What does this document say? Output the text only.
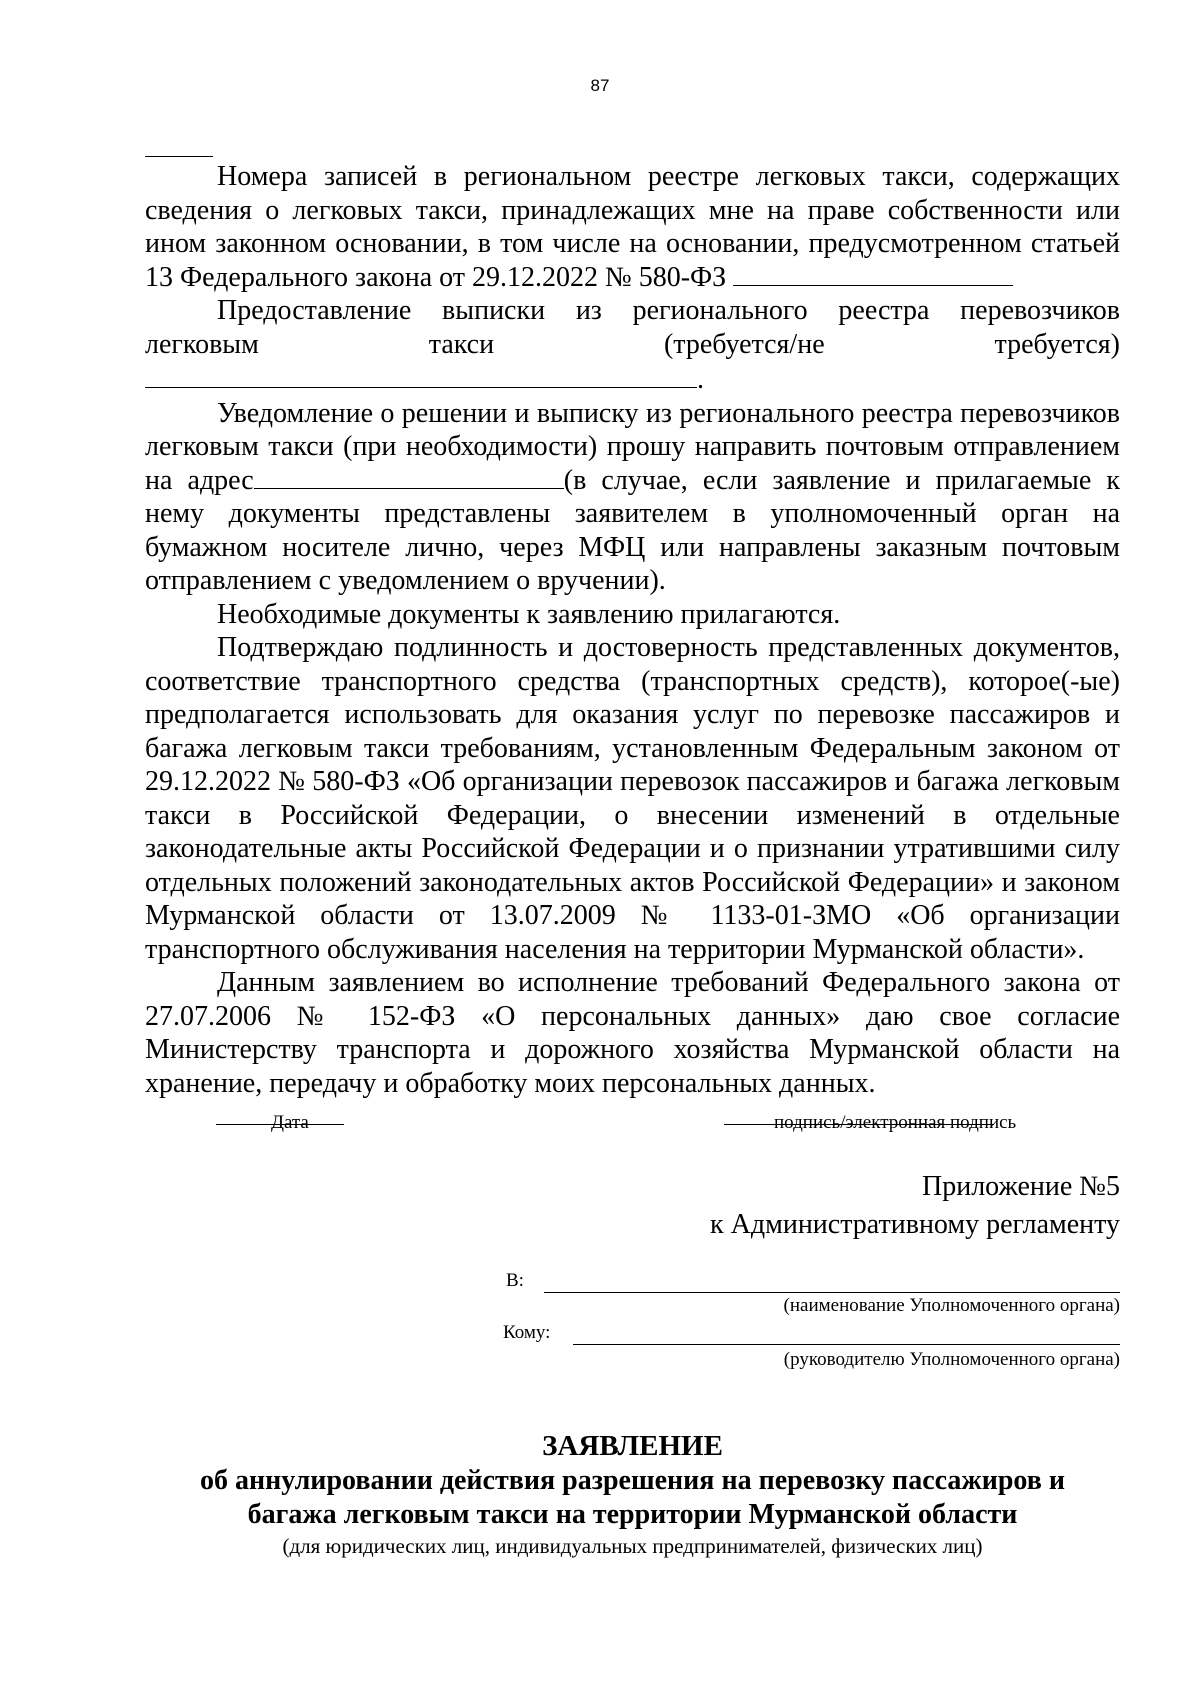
87

Номера записей в региональном реестре легковых такси, содержащих сведения о легковых такси, принадлежащих мне на праве собственности или ином законном основании, в том числе на основании, предусмотренном статьей 13 Федерального закона от 29.12.2022 № 580-ФЗ

Предоставление выписки из регионального реестра перевозчиков легковым такси (требуется/не требуется)

.

Уведомление о решении и выписку из регионального реестра перевозчиков легковым такси (при необходимости) прошу направить почтовым отправлением на адрес	(в случае, если заявление и прилагаемые к нему документы представлены заявителем в уполномоченный орган на бумажном носителе лично, через МФЦ или направлены заказным почтовым отправлением с уведомлением о вручении).

Необходимые документы к заявлению прилагаются.

Подтверждаю подлинность и достоверность представленных документов, соответствие транспортного средства (транспортных средств), которое(-ые) предполагается использовать для оказания услуг по перевозке пассажиров и багажа легковым такси требованиям, установленным Федеральным законом от 29.12.2022 № 580-ФЗ «Об организации перевозок пассажиров и багажа легковым такси в Российской Федерации, о внесении изменений в отдельные законодательные акты Российской Федерации и о признании утратившими силу отдельных положений законодательных актов Российской Федерации» и законом Мурманской области от 13.07.2009 № 1133-01-ЗМО «Об организации транспортного обслуживания населения на территории Мурманской области».

Данным заявлением во исполнение требований Федерального закона от 27.07.2006 № 152-ФЗ «О персональных данных» даю свое согласие Министерству транспорта и дорожного хозяйства Мурманской области на хранение, передачу и обработку моих персональных данных.

Дата	подпись/электронная подпись
Приложение №5
к Административному регламенту
В:
(наименование Уполномоченного органа)
Кому:
(руководителю Уполномоченного органа)
ЗАЯВЛЕНИЕ
об аннулировании действия разрешения на перевозку пассажиров и
багажа легковым такси на территории Мурманской области
(для юридических лиц, индивидуальных предпринимателей, физических лиц)
